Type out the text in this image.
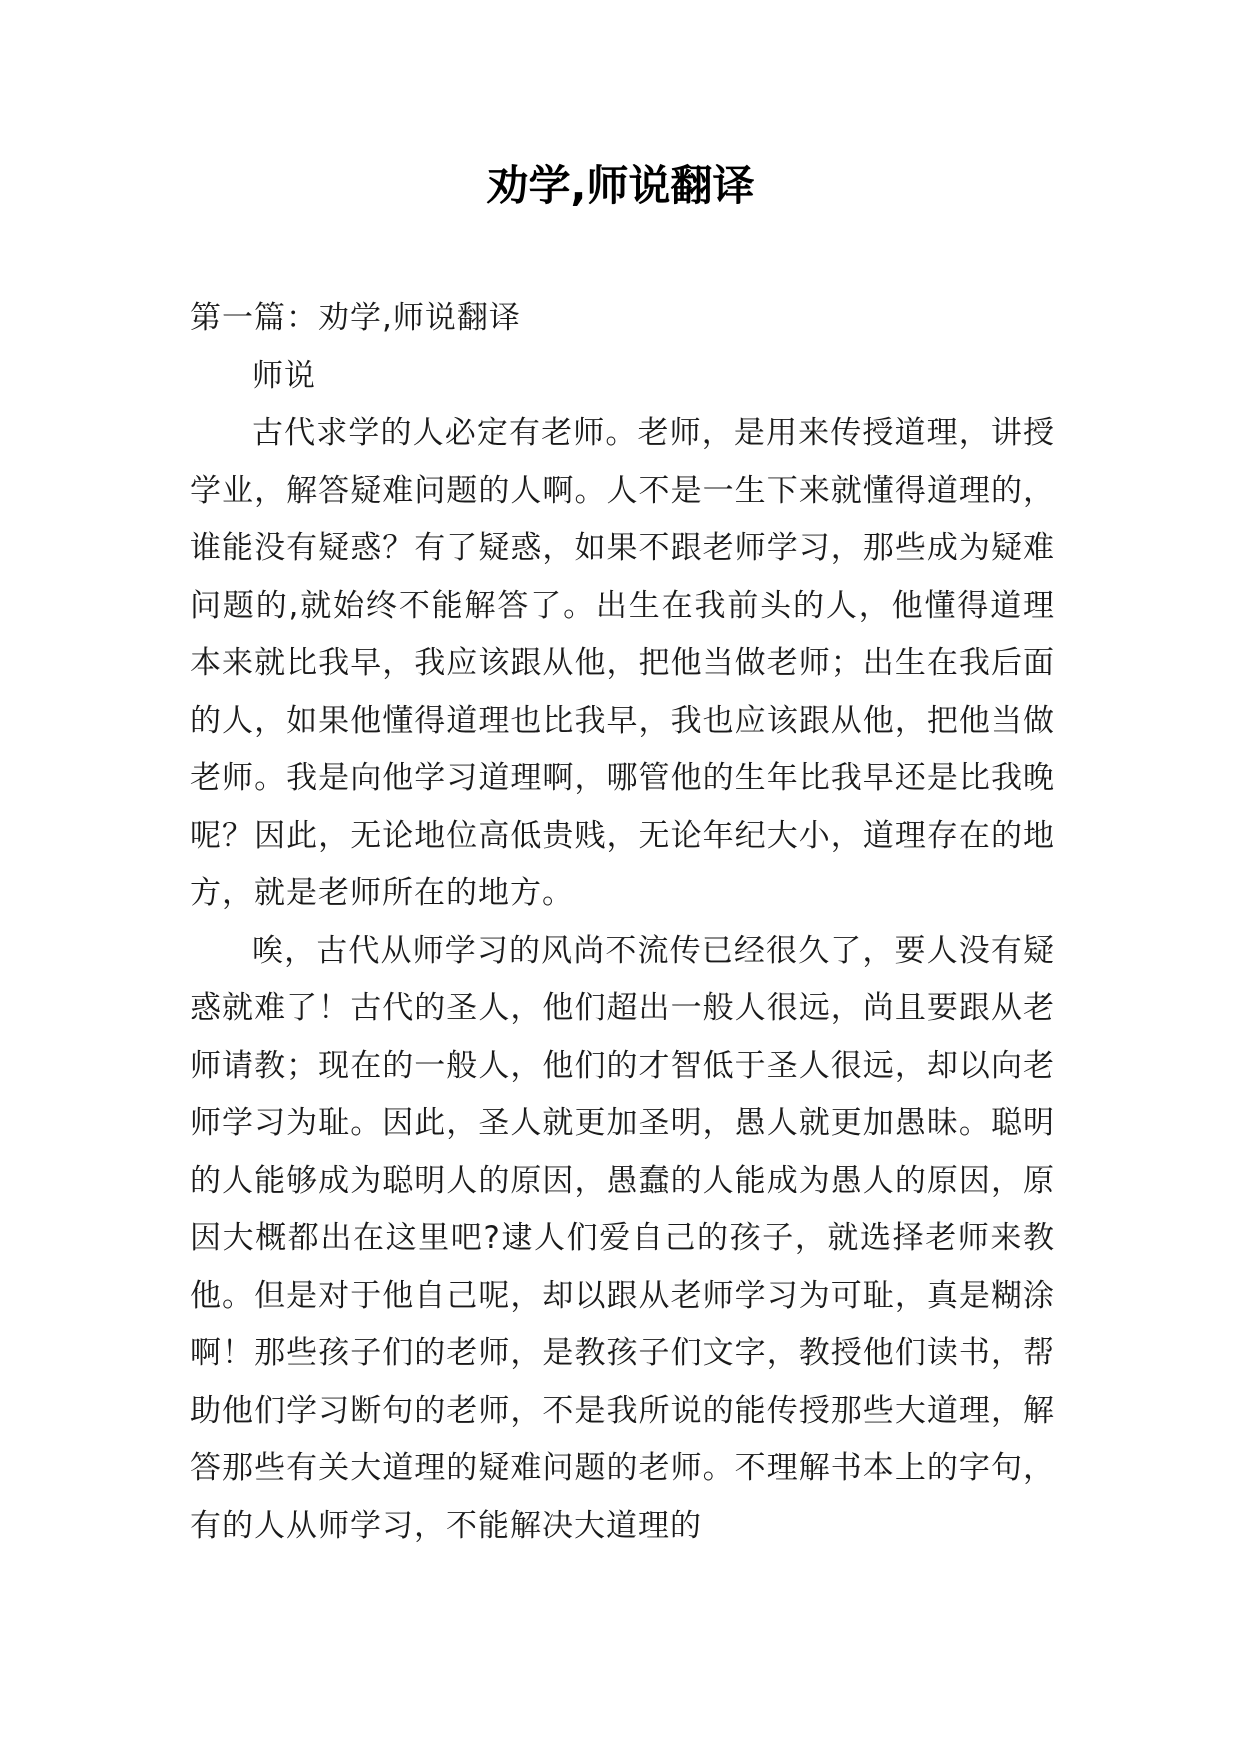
劝学,师说翻译

第一篇：劝学,师说翻译

师说

古代求学的人必定有老师。老师，是用来传授道理，讲授学业，解答疑难问题的人啊。人不是一生下来就懂得道理的，谁能没有疑惑？有了疑惑，如果不跟老师学习，那些成为疑难问题的,就始终不能解答了。出生在我前头的人，他懂得道理本来就比我早，我应该跟从他，把他当做老师；出生在我后面的人，如果他懂得道理也比我早，我也应该跟从他，把他当做老师。我是向他学习道理啊，哪管他的生年比我早还是比我晚呢？因此，无论地位高低贵贱，无论年纪大小，道理存在的地方，就是老师所在的地方。

唉，古代从师学习的风尚不流传已经很久了，要人没有疑惑就难了！古代的圣人，他们超出一般人很远，尚且要跟从老师请教；现在的一般人，他们的才智低于圣人很远，却以向老师学习为耻。因此，圣人就更加圣明，愚人就更加愚昧。聪明的人能够成为聪明人的原因，愚蠢的人能成为愚人的原因，原因大概都出在这里吧?逮人们爱自己的孩子，就选择老师来教他。但是对于他自己呢，却以跟从老师学习为可耻，真是糊涂啊！那些孩子们的老师，是教孩子们文字，教授他们读书，帮助他们学习断句的老师，不是我所说的能传授那些大道理，解答那些有关大道理的疑难问题的老师。不理解书本上的字句，有的人从师学习，不能解决大道理的
